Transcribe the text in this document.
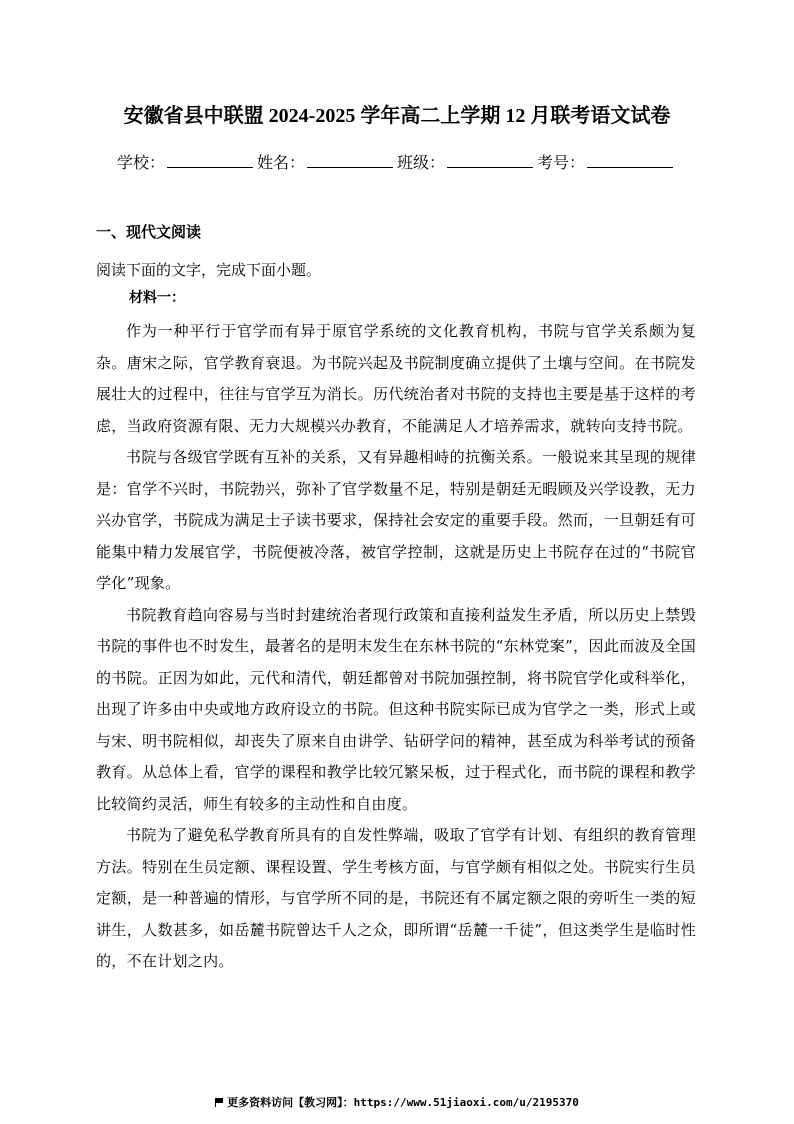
安徽省县中联盟 2024-2025 学年高二上学期 12 月联考语文试卷
学校：	姓名：	班级：	考号：
一、现代文阅读
阅读下面的文字，完成下面小题。
材料一：

作为一种平行于官学而有异于原官学系统的文化教育机构，书院与官学关系颇为复杂。唐宋之际，官学教育衰退。为书院兴起及书院制度确立提供了土壤与空间。在书院发展壮大的过程中，往往与官学互为消长。历代统治者对书院的支持也主要是基于这样的考虑，当政府资源有限、无力大规模兴办教育，不能满足人才培养需求，就转向支持书院。

书院与各级官学既有互补的关系，又有异趣相峙的抗衡关系。一般说来其呈现的规律是：官学不兴时，书院勃兴，弥补了官学数量不足，特别是朝廷无暇顾及兴学设教，无力兴办官学，书院成为满足士子读书要求，保持社会安定的重要手段。然而，一旦朝廷有可能集中精力发展官学，书院便被冷落，被官学控制，这就是历史上书院存在过的“书院官学化”现象。

书院教育趋向容易与当时封建统治者现行政策和直接利益发生矛盾，所以历史上禁毁书院的事件也不时发生，最著名的是明末发生在东林书院的“东林党案”，因此而波及全国的书院。正因为如此，元代和清代，朝廷都曾对书院加强控制，将书院官学化或科举化，出现了许多由中央或地方政府设立的书院。但这种书院实际已成为官学之一类，形式上或与宋、明书院相似，却丧失了原来自由讲学、钻研学问的精神，甚至成为科举考试的预备教育。从总体上看，官学的课程和教学比较冗繁呆板，过于程式化，而书院的课程和教学比较简约灵活，师生有较多的主动性和自由度。

书院为了避免私学教育所具有的自发性弊端，吸取了官学有计划、有组织的教育管理方法。特别在生员定额、课程设置、学生考核方面，与官学颇有相似之处。书院实行生员定额，是一种普遍的情形，与官学所不同的是，书院还有不属定额之限的旁听生一类的短讲生，人数甚多，如岳麓书院曾达千人之众，即所谓“岳麓一千徒”，但这类学生是临时性的，不在计划之内。

更多资料访问【教习网】：https://www.51jiaoxi.com/u/2195370
